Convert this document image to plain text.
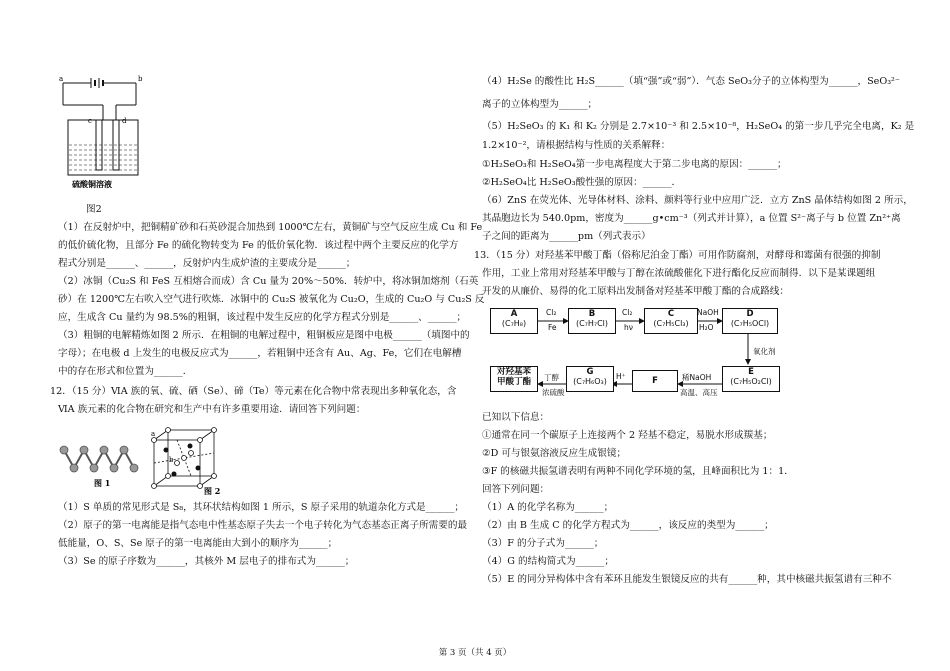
a	b
c	d
硫酸铜溶液
图2
（1）在反射炉中，把铜精矿砂和石英砂混合加热到 1000℃左右，黄铜矿与空气反应生成 Cu 和 Fe
的低价硫化物，且部分 Fe 的硫化物转变为 Fe 的低价氧化物．该过程中两个主要反应的化学方
程式分别是______、______，反射炉内生成炉渣的主要成分是______；
（2）冰铜（Cu₂S 和 FeS 互相熔合而成）含 Cu 量为 20%～50%．转炉中，将冰铜加熔剂（石英
砂）在 1200℃左右吹入空气进行吹炼．冰铜中的 Cu₂S 被氧化为 Cu₂O，生成的 Cu₂O 与 Cu₂S 反
应，生成含 Cu 量约为 98.5%的粗铜，该过程中发生反应的化学方程式分别是______、______；
（3）粗铜的电解精炼如图 2 所示．在粗铜的电解过程中，粗铜板应是图中电极______（填图中的
字母）；在电极 d 上发生的电极反应式为______，若粗铜中还含有 Au、Ag、Fe，它们在电解槽
中的存在形式和位置为______．
12．（15 分）ⅥA 族的氧、硫、硒（Se）、碲（Te）等元素在化合物中常表现出多种氧化态，含
ⅥA 族元素的化合物在研究和生产中有许多重要用途．请回答下列问题：
图 1
a
b
图 2
（1）S 单质的常见形式是 S₈，其环状结构如图 1 所示，S 原子采用的轨道杂化方式是______；
（2）原子的第一电离能是指气态电中性基态原子失去一个电子转化为气态基态正离子所需要的最
低能量，O、S、Se 原子的第一电离能由大到小的顺序为______；
（3）Se 的原子序数为______，其核外 M 层电子的排布式为______；
（4）H₂Se 的酸性比 H₂S______（填“强”或“弱”）．气态 SeO₃分子的立体构型为______，SeO₃²⁻
离子的立体构型为______；
（5）H₂SeO₃ 的 K₁ 和 K₂ 分别是 2.7×10⁻³ 和 2.5×10⁻⁸，H₂SeO₄ 的第一步几乎完全电离，K₂ 是
1.2×10⁻²，请根据结构与性质的关系解释：
①H₂SeO₃和 H₂SeO₄第一步电离程度大于第二步电离的原因：______；
②H₂SeO₄比 H₂SeO₃酸性强的原因：______．
（6）ZnS 在荧光体、光导体材料、涂料、颜料等行业中应用广泛．立方 ZnS 晶体结构如图 2 所示，
其晶胞边长为 540.0pm，密度为______g•cm⁻³（列式并计算），a 位置 S²⁻离子与 b 位置 Zn²⁺离
子之间的距离为______pm（列式表示）
13．（15 分）对羟基苯甲酸丁酯（俗称尼泊金丁酯）可用作防腐剂，对酵母和霉菌有很强的抑制
作用，工业上常用对羟基苯甲酸与丁醇在浓硫酸催化下进行酯化反应而制得．以下是某课题组
开发的从廉价、易得的化工原料出发制备对羟基苯甲酸丁酯的合成路线：
A
(C₇H₈)
B
(C₇H₇Cl)
C
(C₇H₅Cl₃)
D
(C₇H₅OCl)
E
(C₇H₅O₂Cl)
F
G
(C₇H₆O₃)
对羟基苯
甲酸丁酯
Cl₂
Fe
Cl₂
hν
NaOH
H₂O
氧化剂
稀NaOH
高温、高压
H⁺
丁醇
浓硫酸
已知以下信息：
①通常在同一个碳原子上连接两个 2 羟基不稳定，易脱水形成羰基；
②D 可与银氨溶液反应生成银镜；
③F 的核磁共振氢谱表明有两种不同化学环境的氢，且峰面积比为 1：1．
回答下列问题：
（1）A 的化学名称为______；
（2）由 B 生成 C 的化学方程式为______，该反应的类型为______；
（3）F 的分子式为______；
（4）G 的结构简式为______；
（5）E 的同分异构体中含有苯环且能发生银镜反应的共有______种，其中核磁共振氢谱有三种不
第 3 页（共 4 页）
